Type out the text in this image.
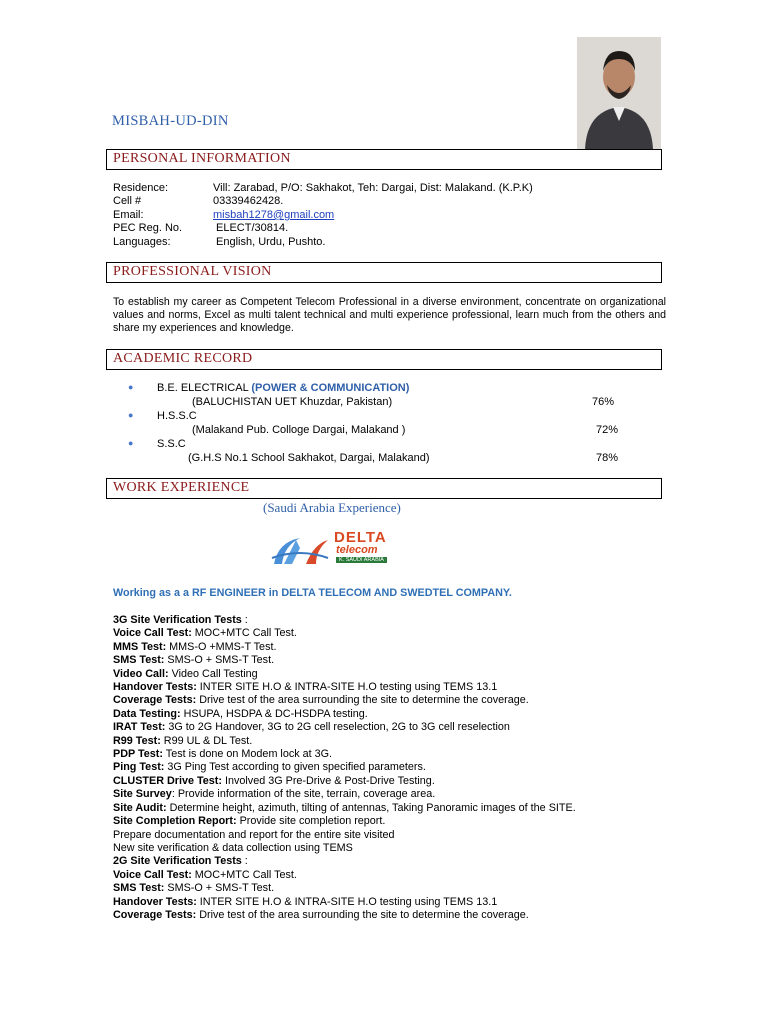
MISBAH-UD-DIN
PERSONAL INFORMATION
Residence:	Vill: Zarabad, P/O: Sakhakot, Teh: Dargai, Dist: Malakand. (K.P.K)
Cell #	03339462428.
Email:	misbah1278@gmail.com
PEC Reg. No.	ELECT/30814.
Languages:	English, Urdu, Pushto.
PROFESSIONAL VISION
To establish my career as Competent Telecom Professional in a diverse environment, concentrate on organizational values and norms, Excel as multi talent technical and multi experience professional, learn much from the others and share my experiences and knowledge.
ACADEMIC RECORD
● B.E. ELECTRICAL (POWER & COMMUNICATION)
(BALUCHISTAN UET Khuzdar, Pakistan)	76%
● H.S.S.C
(Malakand Pub. Colloge Dargai, Malakand )	72%
● S.S.C
(G.H.S No.1 School Sakhakot, Dargai, Malakand)	78%
WORK EXPERIENCE
(Saudi Arabia Experience)
DELTA
telecom
K. SAUDI ARABIA
Working as a a RF ENGINEER in DELTA TELECOM AND SWEDTEL COMPANY.
3G Site Verification Tests :
Voice Call Test: MOC+MTC Call Test.
MMS Test: MMS-O +MMS-T Test.
SMS Test: SMS-O + SMS-T Test.
Video Call: Video Call Testing
Handover Tests: INTER SITE H.O & INTRA-SITE H.O testing using TEMS 13.1
Coverage Tests: Drive test of the area surrounding the site to determine the coverage.
Data Testing: HSUPA, HSDPA & DC-HSDPA testing.
IRAT Test: 3G to 2G Handover, 3G to 2G cell reselection, 2G to 3G cell reselection
R99 Test: R99 UL & DL Test.
PDP Test: Test is done on Modem lock at 3G.
Ping Test: 3G Ping Test according to given specified parameters.
CLUSTER Drive Test: Involved 3G Pre-Drive & Post-Drive Testing.
Site Survey: Provide information of the site, terrain, coverage area.
Site Audit: Determine height, azimuth, tilting of antennas, Taking Panoramic images of the SITE.
Site Completion Report: Provide site completion report.
Prepare documentation and report for the entire site visited
New site verification & data collection using TEMS
2G Site Verification Tests :
Voice Call Test: MOC+MTC Call Test.
SMS Test: SMS-O + SMS-T Test.
Handover Tests: INTER SITE H.O & INTRA-SITE H.O testing using TEMS 13.1
Coverage Tests: Drive test of the area surrounding the site to determine the coverage.
